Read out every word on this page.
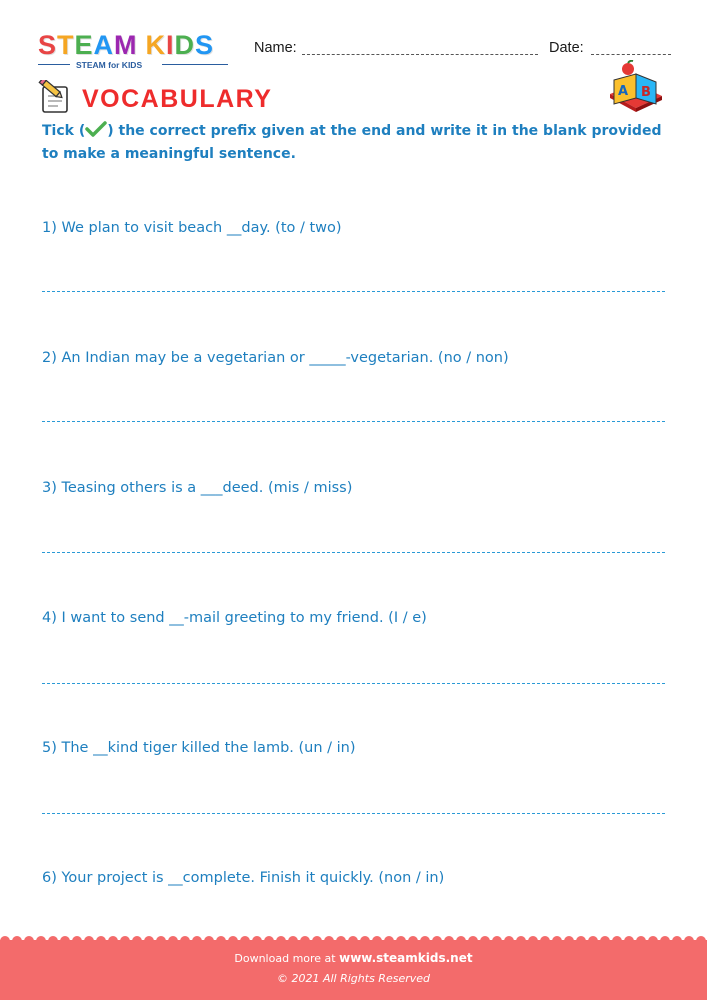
S T E A M K I D S
STEAM for KIDS
Name:	Date:
VOCABULARY	A B
Tick ( ) the correct prefix given at the end and write it in the blank provided to make a meaningful sentence.
1) We plan to visit beach __day. (to / two)
2) An Indian may be a vegetarian or _____-vegetarian. (no / non)
3) Teasing others is a ___deed. (mis / miss)
4) I want to send __-mail greeting to my friend. (I / e)
5) The __kind tiger killed the lamb. (un / in)
6) Your project is __complete. Finish it quickly. (non / in)
Download more at www.steamkids.net
© 2021 All Rights Reserved
